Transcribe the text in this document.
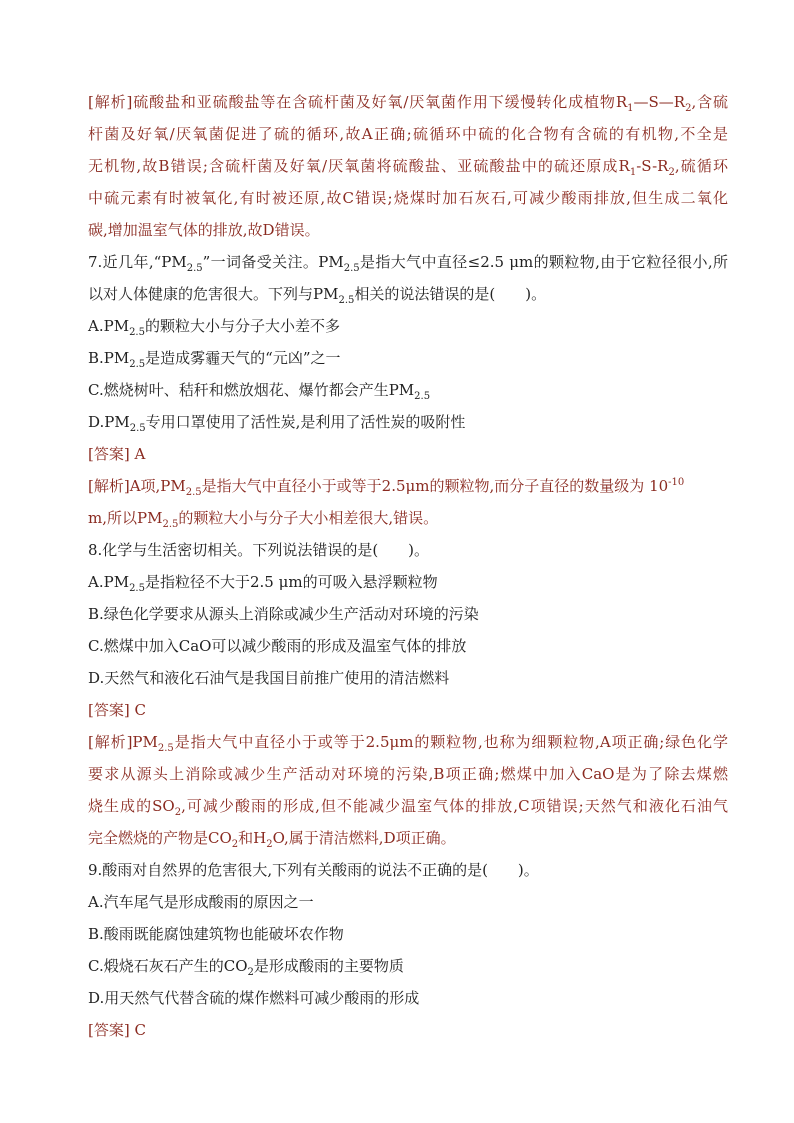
[解析]硫酸盐和亚硫酸盐等在含硫杆菌及好氧/厌氧菌作用下缓慢转化成植物$R_1—S—R_2$,含硫
杆菌及好氧/厌氧菌促进了硫的循环,故A正确;硫循环中硫的化合物有含硫的有机物,不全是
无机物,故B错误;含硫杆菌及好氧/厌氧菌将硫酸盐、亚硫酸盐中的硫还原成$R_1-S-R_2$,硫循环
中硫元素有时被氧化,有时被还原,故C错误;烧煤时加石灰石,可减少酸雨排放,但生成二氧化
碳,增加温室气体的排放,故D错误。
7.近几年$,“PM_{2.5}$”一词备受关注。$PM_{2.5}$是指大气中直径≤2.5 μm的颗粒物,由于它粒径很小,所
以对人体健康的危害很大。下列与$PM_{2.5}$相关的说法错误的是(　　)。
$A.PM_{2.5}$的颗粒大小与分子大小差不多
$B.PM_{2.5}$是造成雾霾天气的“元凶”之一
C.燃烧树叶、秸秆和燃放烟花、爆竹都会产生$PM_{2.5}$
$D.PM_{2.5}$专用口罩使用了活性炭,是利用了活性炭的吸附性
[答案] A
[解析]A项$,PM_{2.5}$是指大气中直径小于或等于2.5μm的颗粒物,而分子直径的数量级为 $10^{-10}$
m,所以$PM_{2.5}$的颗粒大小与分子大小相差很大,错误。
8.化学与生活密切相关。下列说法错误的是(　　)。
$A.PM_{2.5}$是指粒径不大于2.5 μm的可吸入悬浮颗粒物
B.绿色化学要求从源头上消除或减少生产活动对环境的污染
C.燃煤中加入CaO可以减少酸雨的形成及温室气体的排放
D.天然气和液化石油气是我国目前推广使用的清洁燃料
[答案] C
[解析]$PM_{2.5}$是指大气中直径小于或等于2.5μm的颗粒物,也称为细颗粒物,A项正确;绿色化学
要求从源头上消除或减少生产活动对环境的污染,B项正确;燃煤中加入CaO是为了除去煤燃
烧生成的$SO_2$,可减少酸雨的形成,但不能减少温室气体的排放,C项错误;天然气和液化石油气
完全燃烧的产物是$CO_2$和$H_2O$,属于清洁燃料,D项正确。
9.酸雨对自然界的危害很大,下列有关酸雨的说法不正确的是(　　)。
A.汽车尾气是形成酸雨的原因之一
B.酸雨既能腐蚀建筑物也能破坏农作物
C.煅烧石灰石产生的$CO_2$是形成酸雨的主要物质
D.用天然气代替含硫的煤作燃料可减少酸雨的形成
[答案] C
